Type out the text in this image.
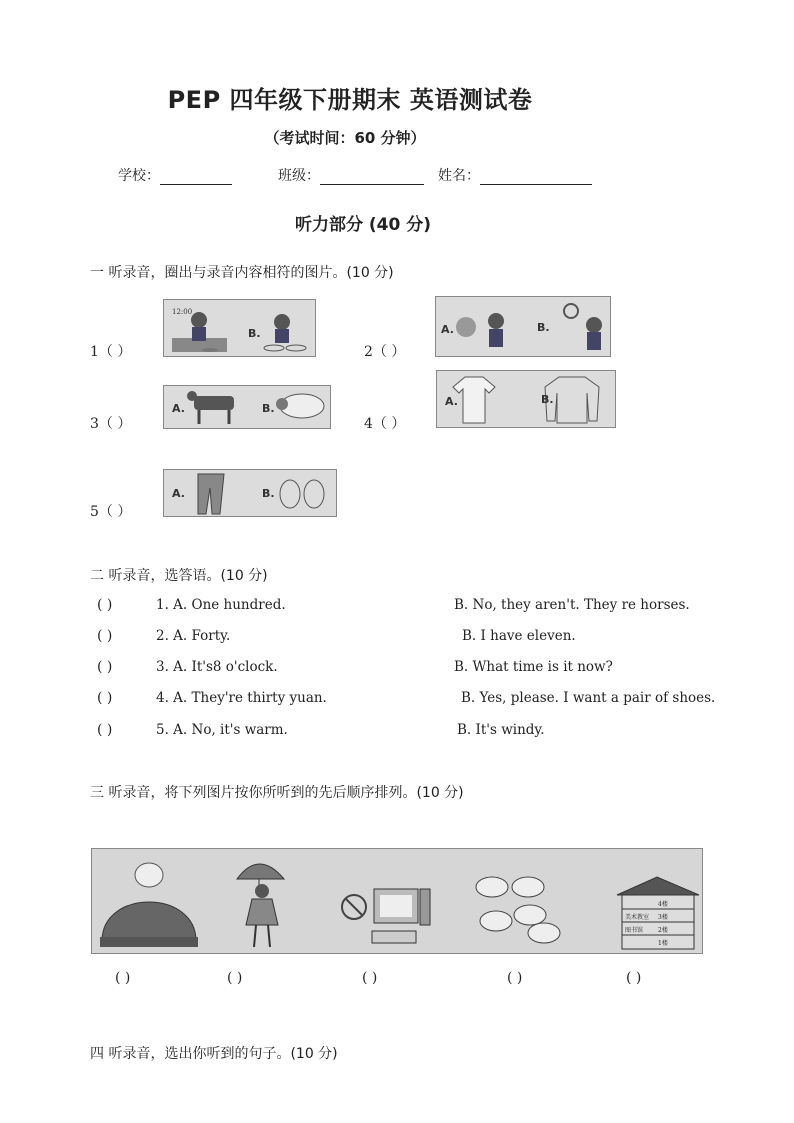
PEP 四年级下册期末 英语测试卷
（考试时间：60 分钟）
学校：	班级：	姓名：
听力部分 (40 分)
一 听录音，圈出与录音内容相符的图片。(10 分)
1（ ）
12:00
B.
2（ ）
A.	B.
3（ ）
A.	B.
4（ ）
A.	B.
5（ ）
A.	B.
二 听录音，选答语。(10 分)
( )	1. A. One hundred.	B. No, they aren't. They re horses.
( )	2. A. Forty.	B. I have eleven.
( )	3. A. It's8 o'clock.	B. What time is it now?
( )	4. A. They're thirty yuan.	B. Yes, please. I want a pair of shoes.
( )	5. A. No, it's warm.	B. It's windy.
三 听录音，将下列图片按你所听到的先后顺序排列。(10 分)
美术教室
图书馆
4楼
3楼
2楼
1楼
( )	( )	( )	( )	( )
四 听录音，选出你听到的句子。(10 分)
